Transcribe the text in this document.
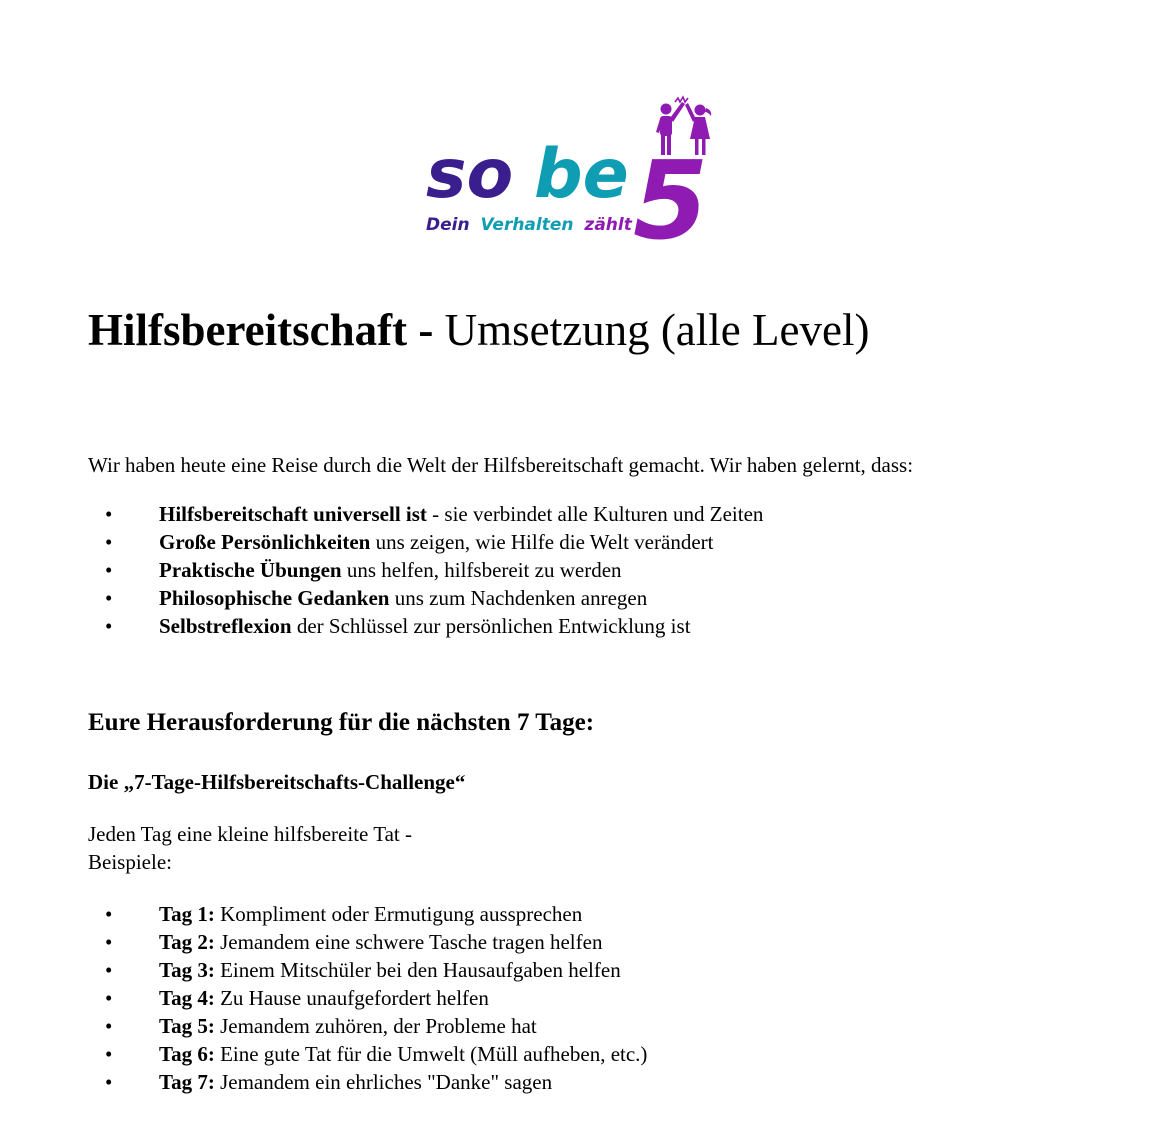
so be 5
Dein Verhalten zählt
Hilfsbereitschaft - Umsetzung (alle Level)

Wir haben heute eine Reise durch die Welt der Hilfsbereitschaft gemacht. Wir haben gelernt, dass:

• Hilfsbereitschaft universell ist - sie verbindet alle Kulturen und Zeiten
• Große Persönlichkeiten uns zeigen, wie Hilfe die Welt verändert
• Praktische Übungen uns helfen, hilfsbereit zu werden
• Philosophische Gedanken uns zum Nachdenken anregen
• Selbstreflexion der Schlüssel zur persönlichen Entwicklung ist
Eure Herausforderung für die nächsten 7 Tage:
Die „7-Tage-Hilfsbereitschafts-Challenge“

Jeden Tag eine kleine hilfsbereite Tat -
Beispiele:

• Tag 1: Kompliment oder Ermutigung aussprechen
• Tag 2: Jemandem eine schwere Tasche tragen helfen
• Tag 3: Einem Mitschüler bei den Hausaufgaben helfen
• Tag 4: Zu Hause unaufgefordert helfen
• Tag 5: Jemandem zuhören, der Probleme hat
• Tag 6: Eine gute Tat für die Umwelt (Müll aufheben, etc.)
• Tag 7: Jemandem ein ehrliches "Danke" sagen
